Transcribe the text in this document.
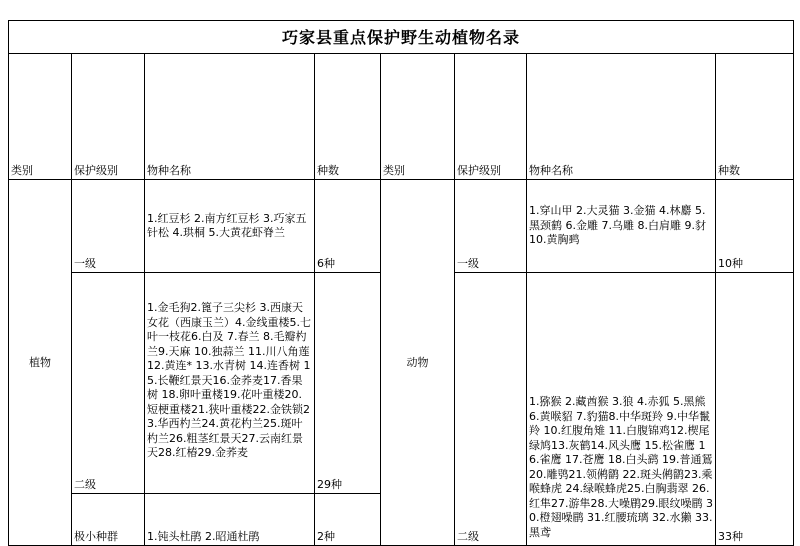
巧家县重点保护野生动植物名录							
类别	保护级别	物种名称	种数	类别	保护级别	物种名称	种数
植物	一级	1.红豆杉 2.南方红豆杉 3.巧家五针松 4.珙桐 5.大黄花虾脊兰	6种	动物	一级	1.穿山甲 2.大灵猫 3.金猫 4.林麝 5.黑颈鹤 6.金雕 7.乌雕 8.白肩雕 9.豺 10.黄胸鹀	10种
	二级	1.金毛狗2.篦子三尖杉 3.西康天女花（西康玉兰）4.金线重楼5.七叶一枝花6.白及 7.春兰 8.毛瓣杓兰9.天麻 10.独蒜兰 11.川八角莲 12.黄连* 13.水青树 14.连香树 15.长鞭红景天16.金荞麦17.香果树 18.卵叶重楼19.花叶重楼20.短梗重楼21.狭叶重楼22.金铁锁23.华西杓兰24.黄花杓兰25.斑叶杓兰26.粗茎红景天27.云南红景天28.红椿29.金荞麦	29种		二级	1.猕猴 2.藏酋猴 3.狼 4.赤狐 5.黑熊 6.黄喉貂 7.豹猫8.中华斑羚 9.中华鬣羚 10.红腹角雉 11.白腹锦鸡12.楔尾绿鸠13.灰鹤14.风头鹰 15.松雀鹰 16.雀鹰 17.苍鹰 18.白头鹞 19.普通鵟20.雕鸮21.领鸺鹠 22.斑头鸺鹠23.乘喉蜂虎 24.绿喉蜂虎25.白胸翡翠 26.红隼27.游隼28.大噪鹛29.眼纹噪鹛 30.橙翅噪鹛 31.红腰琉璃 32.水獭 33.黑鸢	33种
	极小种群	1.钝头杜鹃 2.昭通杜鹃	2种				
